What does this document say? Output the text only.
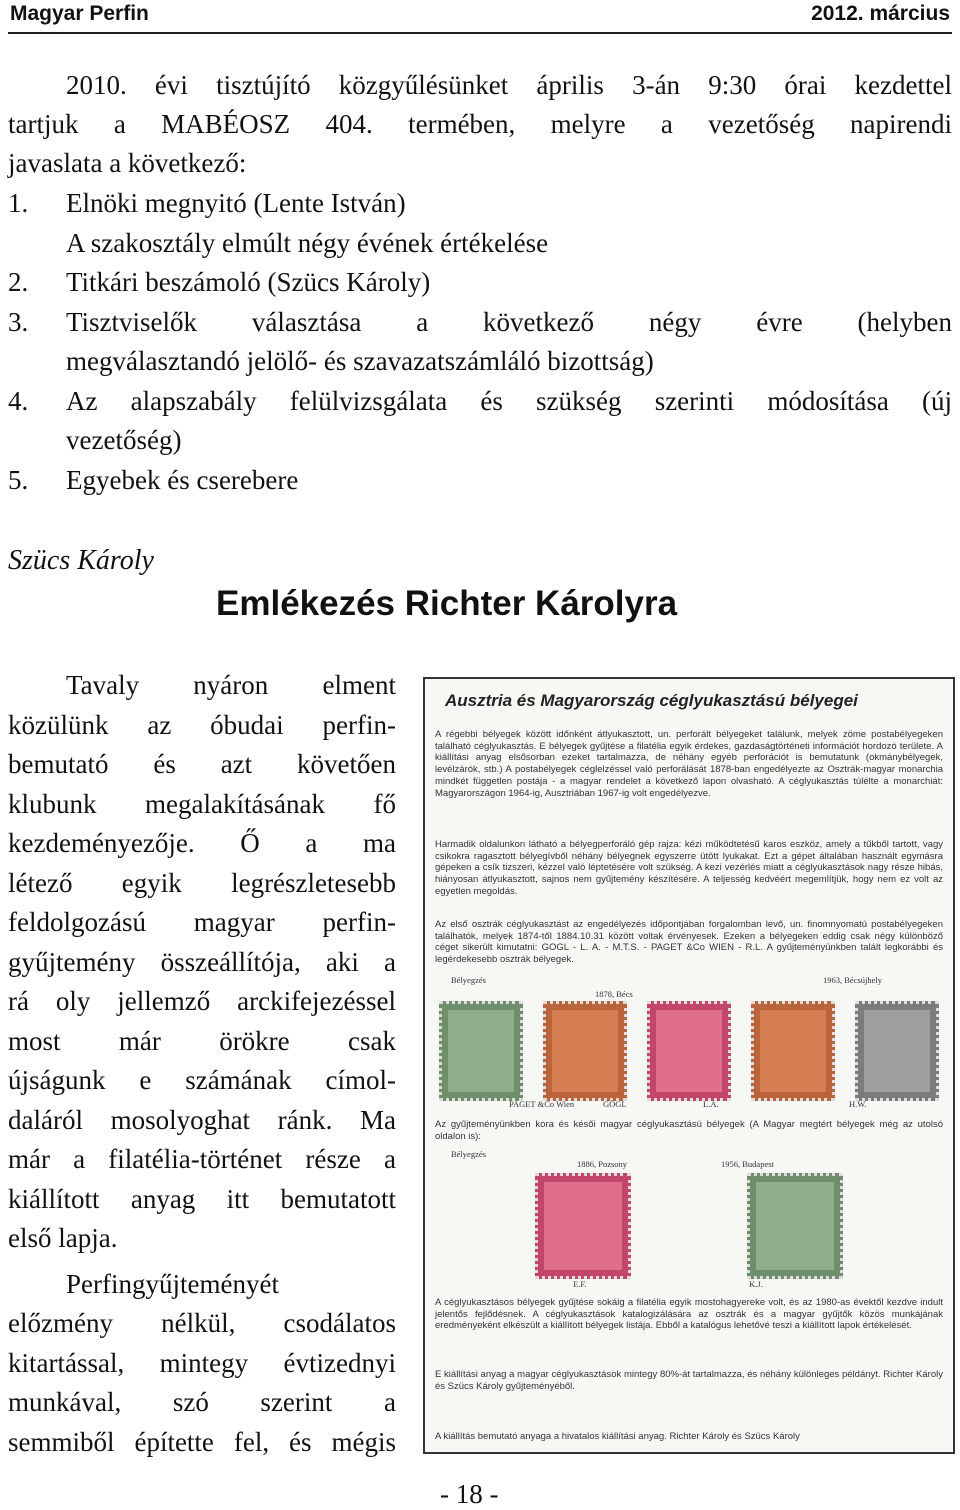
Magyar Perfin	2012. március
2010. évi tisztújító közgyűlésünket április 3-án 9:30 órai kezdettel
tartjuk a MABÉOSZ 404. termében, melyre a vezetőség napirendi
javaslata a következő:
1.	Elnöki megnyitó (Lente István)
A szakosztály elmúlt négy évének értékelése
2.	Titkári beszámoló (Szücs Károly)
3.	Tisztviselők választása a következő négy évre (helyben
megválasztandó jelölő- és szavazatszámláló bizottság)
4.	Az alapszabály felülvizsgálata és szükség szerinti módosítása (új
vezetőség)
5.	Egyebek és cserebere
Szücs Károly
Emlékezés Richter Károlyra
Tavaly nyáron elment
közülünk az óbudai perfin-
bemutató és azt követően
klubunk megalakításának fő
kezdeményezője. Ő a ma
létező egyik legrészletesebb
feldolgozású magyar perfin-
gyűjtemény összeállítója, aki a
rá oly jellemző arckifejezéssel
most már örökre csak
újságunk e számának címol-
daláról mosolyoghat ránk. Ma
már a filatélia-történet része a
kiállított anyag itt bemutatott
első lapja.
Perfingyűjteményét
előzmény nélkül, csodálatos
kitartással, mintegy évtizednyi
munkával, szó szerint a
semmiből építette fel, és mégis
Ausztria és Magyarország céglyukasztású bélyegei
A régebbi bélyegek között időnként átlyukasztott, un. perforált bélyegeket találunk, melyek zöme postabélyegeken található céglyukasztás. E bélyegek gyűjtése a filatélia egyik érdekes, gazdaságtörténeti információt hordozó területe. A kiállítási anyag elsősorban ezeket tartalmazza, de néhány egyéb perforációt is bemutatunk (okmánybélyegek, levélzárók, stb.) A postabélyegek céglelzéssel való perforálását 1878-ban engedélyezte az Osztrák-magyar monarchia mindkét független postája - a magyar rendelet a következő lapon olvasható. A céglyukasztás túlélte a monarchiát: Magyarországon 1964-ig, Ausztriában 1967-ig volt engedélyezve.
Harmadik oldalunkon látható a bélyegperforáló gép rajza: kézi működtetésű karos eszköz, amely a tűkből tartott, vagy csikokra ragasztott bélyegívből néhány bélyegnek egyszerre ütött lyukakat. Ezt a gépet általában használt egymásra gépeken a csík tizszeri, kézzel való léptetésére volt szükség. A kezi vezérlés miatt a céglyukasztások nagy része hibás, hiányosan átlyukasztott, sajnos nem gyűjtemény készítésére. A teljesség kedvéért megemlítjük, hogy nem ez volt az egyetlen megoldás.
Az első osztrák céglyukasztást az engedélyezés időpontjában forgalomban levő, un. finomnyomatú postabélyegeken találhatók, melyek 1874-től 1884.10.31 között voltak érvényesek. Ezeken a bélyegeken eddig csak négy különböző céget sikerült kimutatni: GOGL - L. A. - M.T.S. - PAGET &Co WIEN - R.L. A gyűjteményünkben talált legkorábbi és legérdekesebb osztrák bélyegek.
Bélyegzés
1878, Bécs
1963, Bécsújhely
PAGET &Co Wien	GÖGL	L.A.	H.W.
Az gyűjteményünkben kora és késői magyar céglyukasztású bélyegek (A Magyar megtért bélyegek még az utolsó oldalon is):
Bélyegzés
1886, Pozsony	1956, Budapest
E.F.	K.J.
A céglyukasztásos bélyegek gyűjtése sokáig a filatélia egyik mostohagyereke volt, és az 1980-as évektől kezdve indult jelentős fejlődésnek. A céglyukasztások katalogizálására az osztrák és a magyar gyűjtők közös munkájának eredményeként elkészült a kiállított bélyegek listája. Ebből a katalógus lehetővé teszi a kiállított lapok értékelését.
E kiállítási anyag a magyar céglyukasztások mintegy 80%-át tartalmazza, és néhány különleges példányt. Richter Károly és Szücs Károly gyűjteményéből.
A kiállítás bemutató anyaga a hivatalos kiállítási anyag. Richter Károly és Szücs Károly
- 18 -
